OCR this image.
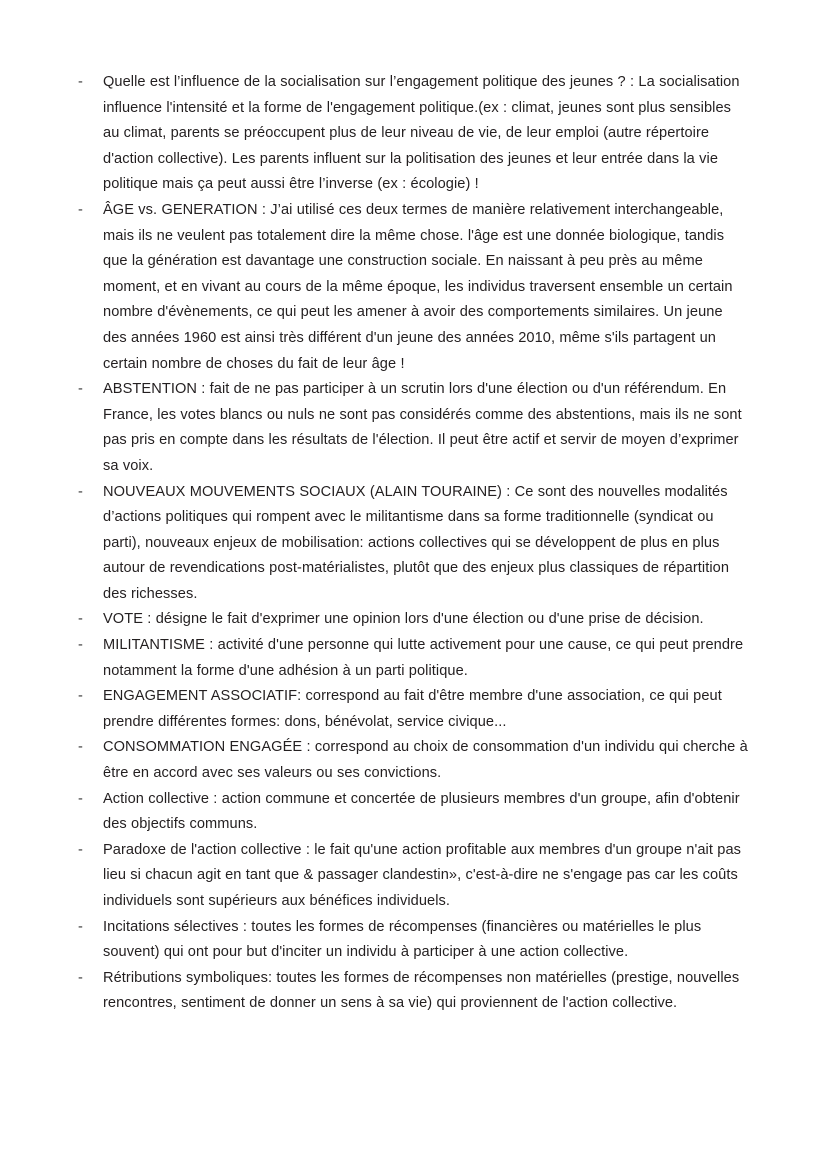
-	Quelle est l’influence de la socialisation sur l’engagement politique des jeunes ? : La socialisation influence l'intensité et la forme de l'engagement politique.(ex : climat, jeunes sont plus sensibles au climat, parents se préoccupent plus de leur niveau de vie, de leur emploi (autre répertoire d'action collective). Les parents influent sur la politisation des jeunes et leur entrée dans la vie politique mais ça peut aussi être l’inverse (ex : écologie) !
-	ÂGE vs. GENERATION : J’ai utilisé ces deux termes de manière relativement interchangeable, mais ils ne veulent pas totalement dire la même chose. l'âge est une donnée biologique, tandis que la génération est davantage une construction sociale. En naissant à peu près au même moment, et en vivant au cours de la même époque, les individus traversent ensemble un certain nombre d'évènements, ce qui peut les amener à avoir des comportements similaires. Un jeune des années 1960 est ainsi très différent d'un jeune des années 2010, même s'ils partagent un certain nombre de choses du fait de leur âge !
-	ABSTENTION : fait de ne pas participer à un scrutin lors d'une élection ou d'un référendum. En France, les votes blancs ou nuls ne sont pas considérés comme des abstentions, mais ils ne sont pas pris en compte dans les résultats de l'élection. Il peut être actif et servir de moyen d’exprimer sa voix.
-	NOUVEAUX MOUVEMENTS SOCIAUX (ALAIN TOURAINE) : Ce sont des nouvelles modalités d’actions politiques qui rompent avec le militantisme dans sa forme traditionnelle (syndicat ou parti), nouveaux enjeux de mobilisation: actions collectives qui se développent de plus en plus autour de revendications post-matérialistes, plutôt que des enjeux plus classiques de répartition des richesses.
-	VOTE : désigne le fait d'exprimer une opinion lors d'une élection ou d'une prise de décision.
-	MILITANTISME : activité d'une personne qui lutte activement pour une cause, ce qui peut prendre notamment la forme d'une adhésion à un parti politique.
-	ENGAGEMENT ASSOCIATIF: correspond au fait d'être membre d'une association, ce qui peut prendre différentes formes: dons, bénévolat, service civique...
-	CONSOMMATION ENGAGÉE : correspond au choix de consommation d'un individu qui cherche à être en accord avec ses valeurs ou ses convictions.
-	Action collective : action commune et concertée de plusieurs membres d'un groupe, afin d'obtenir des objectifs communs.
-	Paradoxe de l'action collective : le fait qu'une action profitable aux membres d'un groupe n'ait pas lieu si chacun agit en tant que & passager clandestin», c'est-à-dire ne s'engage pas car les coûts individuels sont supérieurs aux bénéfices individuels.
-	Incitations sélectives : toutes les formes de récompenses (financières ou matérielles le plus souvent) qui ont pour but d'inciter un individu à participer à une action collective.
-	Rétributions symboliques: toutes les formes de récompenses non matérielles (prestige, nouvelles rencontres, sentiment de donner un sens à sa vie) qui proviennent de l'action collective.
